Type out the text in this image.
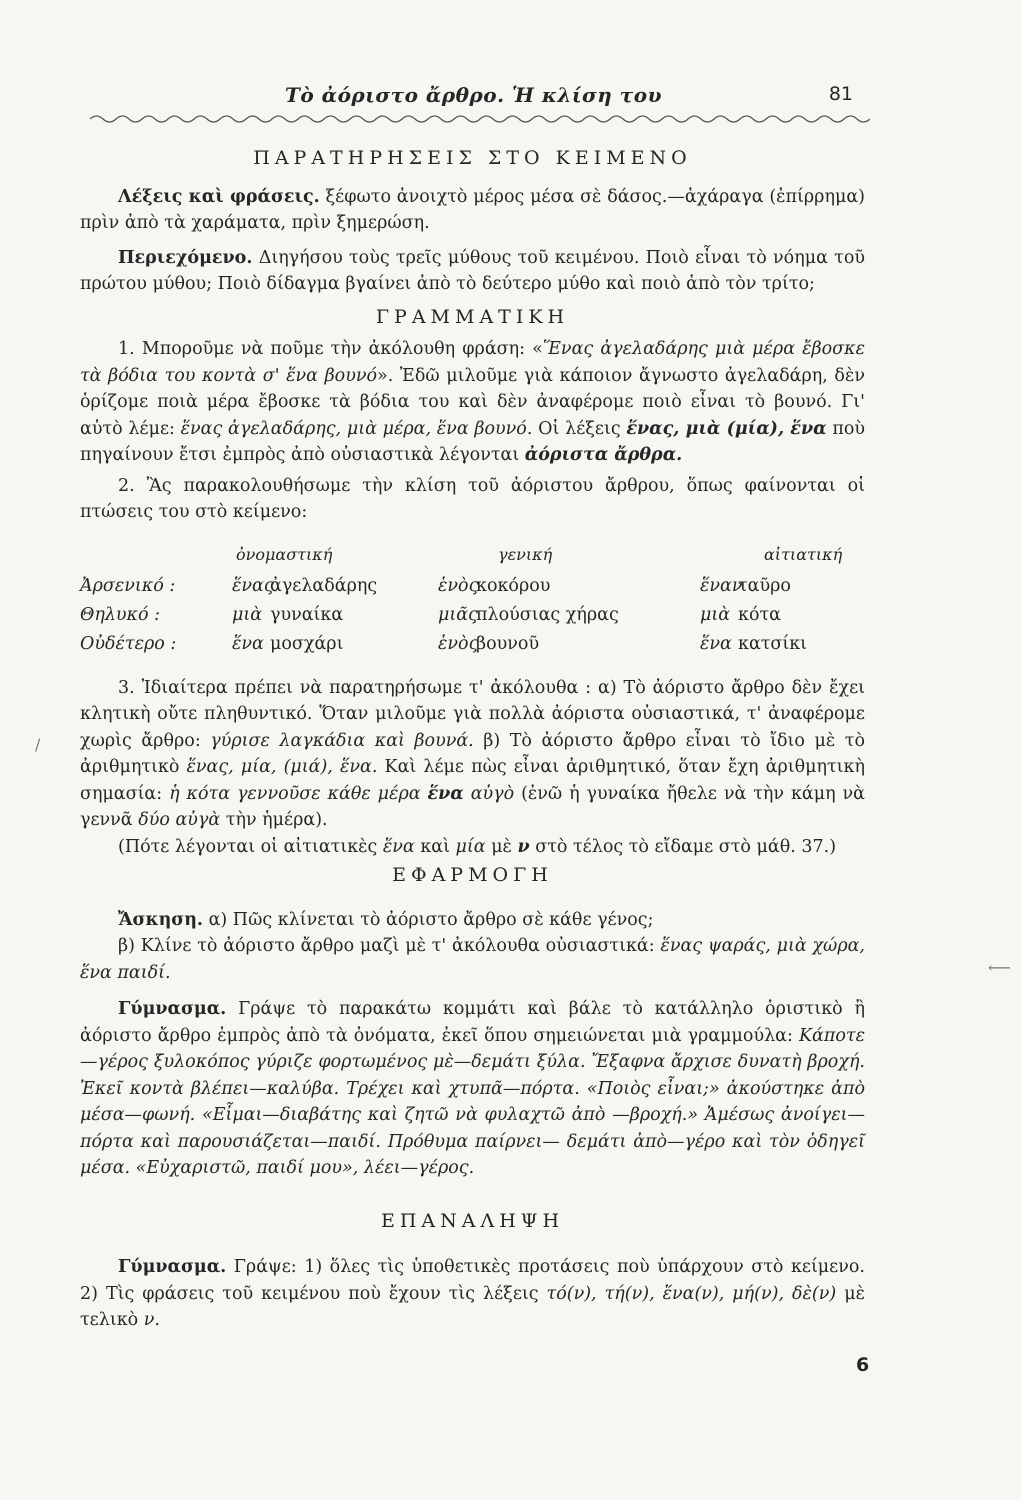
Τὸ ἀόριστο ἄρθρο. Ἡ κλίση του	81

ΠΑΡΑΤΗΡΗΣΕΙΣ ΣΤΟ ΚΕΙΜΕΝΟ

Λέξεις καὶ φράσεις. ξέφωτο ἀνοιχτὸ μέρος μέσα σὲ δάσος.—ἀχάραγα (ἐπίρρημα) πρὶν ἀπὸ τὰ χαράματα, πρὶν ξημερώση.

Περιεχόμενο. Διηγήσου τοὺς τρεῖς μύθους τοῦ κειμένου. Ποιὸ εἶναι τὸ νόημα τοῦ πρώτου μύθου; Ποιὸ δίδαγμα βγαίνει ἀπὸ τὸ δεύτερο μύθο καὶ ποιὸ ἀπὸ τὸν τρίτο;

ΓΡΑΜΜΑΤΙΚΗ

1. Μποροῦμε νὰ ποῦμε τὴν ἀκόλουθη φράση: «Ἕνας ἀγελαδάρης μιὰ μέρα ἔβοσκε τὰ βόδια του κοντὰ σ' ἕνα βουνό». Ἐδῶ μιλοῦμε γιὰ κάποιον ἄγνωστο ἀγελαδάρη, δὲν ὁρίζομε ποιὰ μέρα ἔβοσκε τὰ βόδια του καὶ δὲν ἀναφέρομε ποιὸ εἶναι τὸ βουνό. Γι' αὐτὸ λέμε: ἕνας ἀγελαδάρης, μιὰ μέρα, ἕνα βουνό. Οἱ λέξεις ἕνας, μιὰ (μία), ἕνα ποὺ πηγαίνουν ἔτσι ἐμπρὸς ἀπὸ οὐσιαστικὰ λέγονται ἀόριστα ἄρθρα.

2. Ἂς παρακολουθήσωμε τὴν κλίση τοῦ ἀόριστου ἄρθρου, ὅπως φαίνονται οἱ πτώσεις του στὸ κείμενο:

	ὀνομαστική	γενική	αἰτιατική
Ἀρσενικό :	ἕναςἀγελαδάρης	ἑνὸςκοκόρου	ἕνανταῦρο
Θηλυκό :	μιὰ γυναίκα	μιᾶςπλούσιας χήρας	μιὰ κότα
Οὐδέτερο :	ἕνα μοσχάρι	ἑνὸςβουνοῦ	ἕνα κατσίκι

3. Ἰδιαίτερα πρέπει νὰ παρατηρήσωμε τ' ἀκόλουθα : α) Τὸ ἀόριστο ἄρθρο δὲν ἔχει κλητικὴ οὔτε πληθυντικό. Ὅταν μιλοῦμε γιὰ πολλὰ ἀόριστα οὐσιαστικά, τ' ἀναφέρομε χωρὶς ἄρθρο: γύρισε λαγκάδια καὶ βουνά. β) Τὸ ἀόριστο ἄρθρο εἶναι τὸ ἴδιο μὲ τὸ ἀριθμητικὸ ἕνας, μία, (μιά), ἕνα. Καὶ λέμε πὼς εἶναι ἀριθμητικό, ὅταν ἔχη ἀριθμητικὴ σημασία: ἡ κότα γεννοῦσε κάθε μέρα ἕνα αὐγὸ (ἐνῶ ἡ γυναίκα ἤθελε νὰ τὴν κάμη νὰ γεννᾶ δύο αὐγὰ τὴν ἡμέρα).

(Πότε λέγονται οἱ αἰτιατικὲς ἕνα καὶ μία μὲ ν στὸ τέλος τὸ εἴδαμε στὸ μάθ. 37.)

ΕΦΑΡΜΟΓΗ

Ἄσκηση. α) Πῶς κλίνεται τὸ ἀόριστο ἄρθρο σὲ κάθε γένος;

β) Κλίνε τὸ ἀόριστο ἄρθρο μαζὶ μὲ τ' ἀκόλουθα οὐσιαστικά: ἕνας ψαράς, μιὰ χώρα, ἕνα παιδί.

Γύμνασμα. Γράψε τὸ παρακάτω κομμάτι καὶ βάλε τὸ κατάλληλο ὁριστικὸ ἢ ἀόριστο ἄρθρο ἐμπρὸς ἀπὸ τὰ ὀνόματα, ἐκεῖ ὅπου σημειώνεται μιὰ γραμμούλα: Κάποτε—γέρος ξυλοκόπος γύριζε φορτωμένος μὲ—δεμάτι ξύλα. Ἔξαφνα ἄρχισε δυνατὴ βροχή. Ἐκεῖ κοντὰ βλέπει—καλύβα. Τρέχει καὶ χτυπᾶ—πόρτα. «Ποιὸς εἶναι;» ἀκούστηκε ἀπὸ μέσα—φωνή. «Εἶμαι—διαβάτης καὶ ζητῶ νὰ φυλαχτῶ ἀπὸ —βροχή.» Ἀμέσως ἀνοίγει—πόρτα καὶ παρουσιάζεται—παιδί. Πρόθυμα παίρνει— δεμάτι ἀπὸ—γέρο καὶ τὸν ὁδηγεῖ μέσα. «Εὐχαριστῶ, παιδί μου», λέει—γέρος.

ΕΠΑΝΑΛΗΨΗ

Γύμνασμα. Γράψε: 1) ὅλες τὶς ὑποθετικὲς προτάσεις ποὺ ὑπάρχουν στὸ κείμενο. 2) Τὶς φράσεις τοῦ κειμένου ποὺ ἔχουν τὶς λέξεις τό(ν), τή(ν), ἕνα(ν), μή(ν), δὲ(ν) μὲ τελικὸ ν.

6
/
⟵
